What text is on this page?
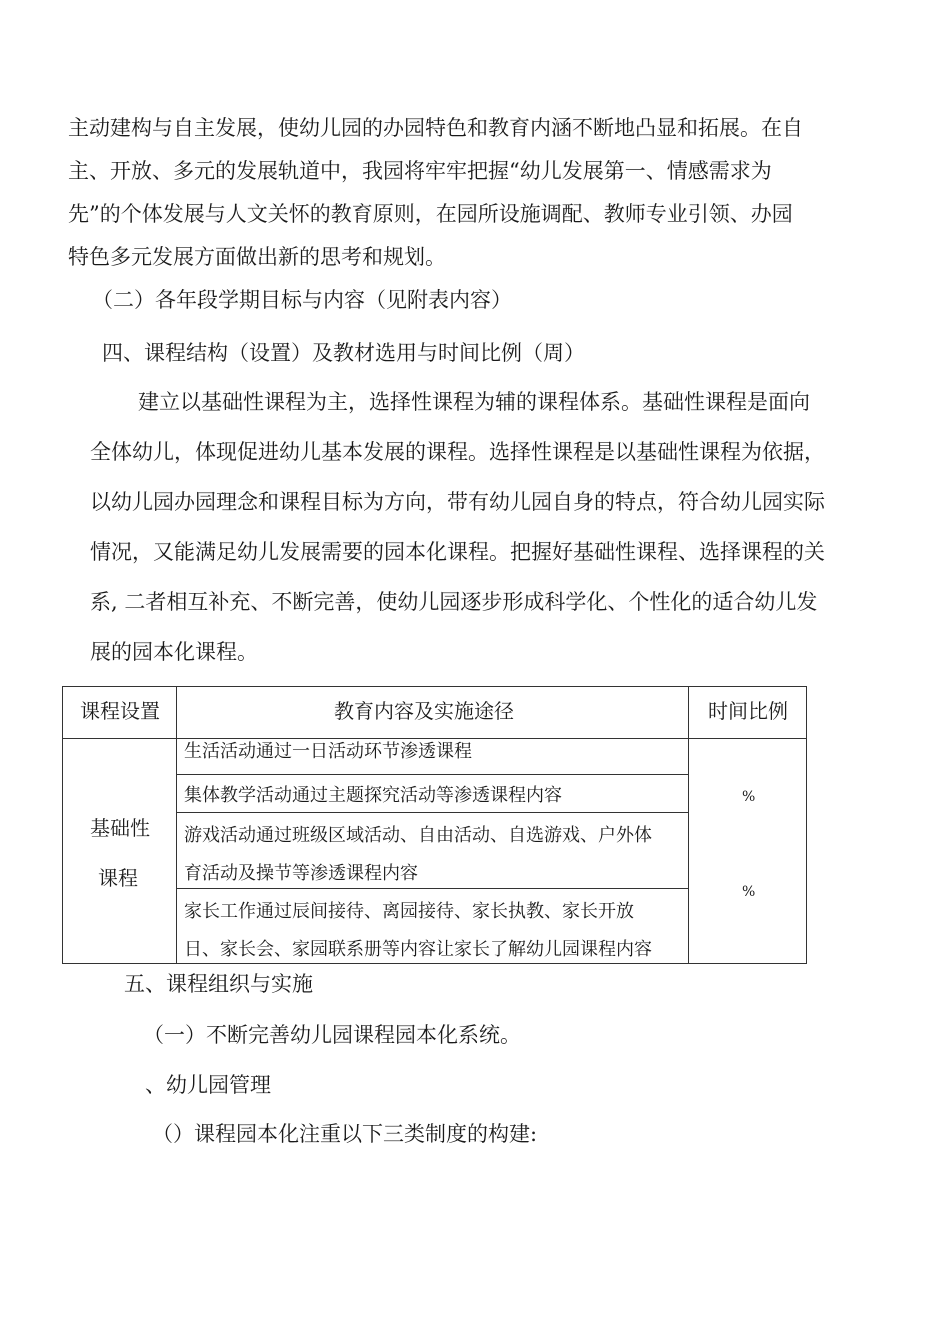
主动建构与自主发展，使幼儿园的办园特色和教育内涵不断地凸显和拓展。在自
主、开放、多元的发展轨道中，我园将牢牢把握“幼儿发展第一、情感需求为
先”的个体发展与人文关怀的教育原则，在园所设施调配、教师专业引领、办园
特色多元发展方面做出新的思考和规划。
（二）各年段学期目标与内容（见附表内容）
四、课程结构（设置）及教材选用与时间比例（周）
建立以基础性课程为主，选择性课程为辅的课程体系。基础性课程是面向
全体幼儿，体现促进幼儿基本发展的课程。选择性课程是以基础性课程为依据，
以幼儿园办园理念和课程目标为方向，带有幼儿园自身的特点，符合幼儿园实际
情况，又能满足幼儿发展需要的园本化课程。把握好基础性课程、选择课程的关
系, 二者相互补充、不断完善，使幼儿园逐步形成科学化、个性化的适合幼儿发
展的园本化课程。
课程设置	教育内容及实施途径	时间比例
基础性
课程
生活活动通过一日活动环节渗透课程
集体教学活动通过主题探究活动等渗透课程内容
游戏活动通过班级区域活动、自由活动、自选游戏、户外体
育活动及操节等渗透课程内容
家长工作通过辰间接待、离园接待、家长执教、家长开放
日、家长会、家园联系册等内容让家长了解幼儿园课程内容
%
%
五、课程组织与实施
（一）不断完善幼儿园课程园本化系统。
、幼儿园管理
（）课程园本化注重以下三类制度的构建:
